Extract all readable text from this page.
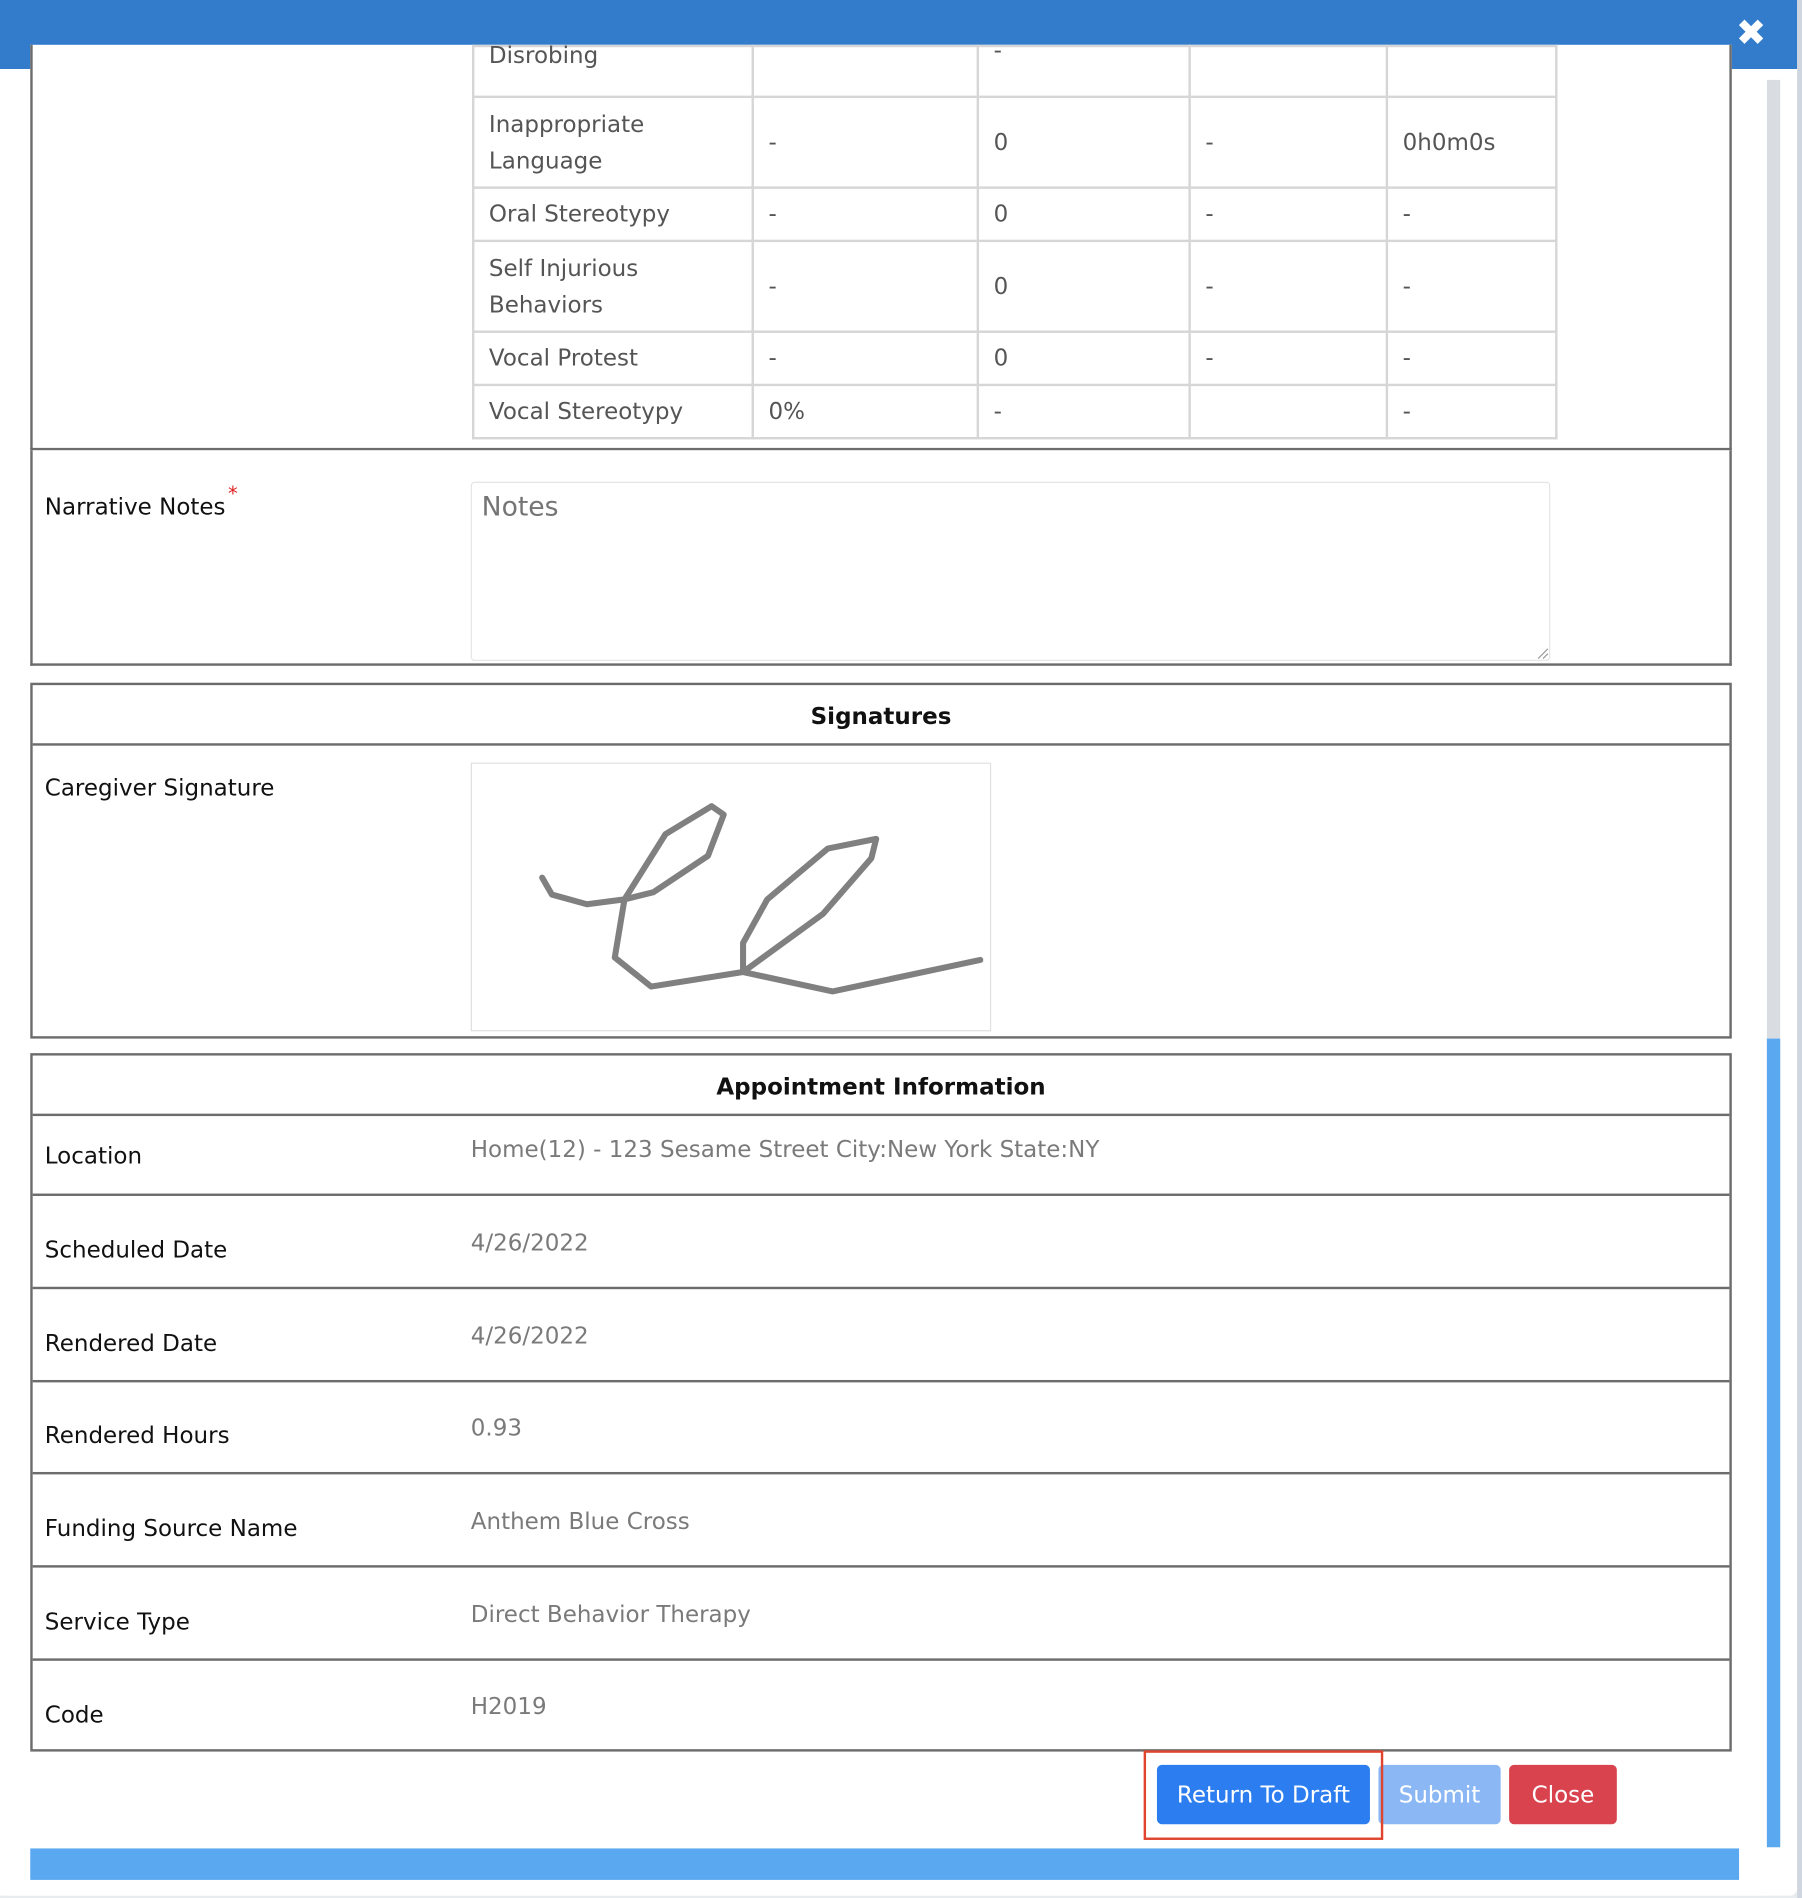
✖
Disrobing		-		

Inappropriate Language	-	0	-	0h0m0s
Oral Stereotypy	-	0	-	-
Self Injurious Behaviors	-	0	-	-
Vocal Protest	-	0	-	-
Vocal Stereotypy	0%	-		-
Narrative Notes*
Notes
Signatures
Caregiver Signature
Appointment Information
Location	Home(12) - 123 Sesame Street City:New York State:NY
Scheduled Date	4/26/2022
Rendered Date	4/26/2022
Rendered Hours	0.93
Funding Source Name	Anthem Blue Cross
Service Type	Direct Behavior Therapy
Code	H2019
Return To Draft	Submit	Close
